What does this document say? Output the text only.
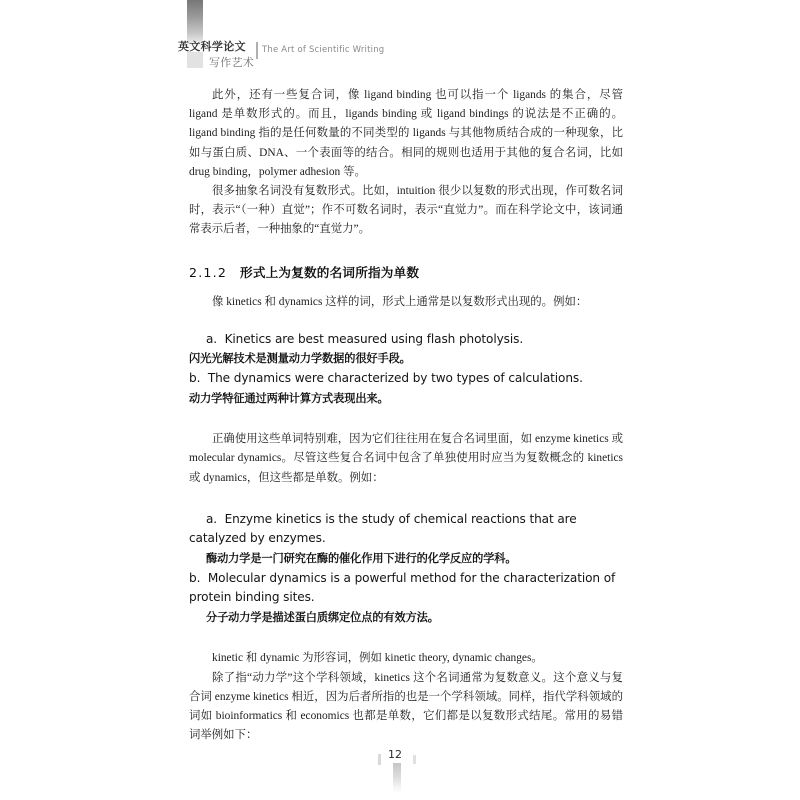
英文科学论文
写作艺术
The Art of Scientific Writing

此外，还有一些复合词，像 ligand binding 也可以指一个 ligands 的集合，尽管 ligand 是单数形式的。而且，ligands binding 或 ligand bindings 的说法是不正确的。ligand binding 指的是任何数量的不同类型的 ligands 与其他物质结合成的一种现象，比如与蛋白质、DNA、一个表面等的结合。相同的规则也适用于其他的复合名词，比如 drug binding，polymer adhesion 等。

很多抽象名词没有复数形式。比如，intuition 很少以复数的形式出现，作可数名词时，表示“（一种）直觉”；作不可数名词时，表示“直觉力”。而在科学论文中，该词通常表示后者，一种抽象的“直觉力”。

2.1.2 形式上为复数的名词所指为单数

像 kinetics 和 dynamics 这样的词，形式上通常是以复数形式出现的。例如：

a. Kinetics are best measured using flash photolysis.
闪光光解技术是测量动力学数据的很好手段。
b. The dynamics were characterized by two types of calculations.
动力学特征通过两种计算方式表现出来。

正确使用这些单词特别难，因为它们往往用在复合名词里面，如 enzyme kinetics 或 molecular dynamics。尽管这些复合名词中包含了单独使用时应当为复数概念的 kinetics 或 dynamics，但这些都是单数。例如：

a. Enzyme kinetics is the study of chemical reactions that are catalyzed by enzymes.
酶动力学是一门研究在酶的催化作用下进行的化学反应的学科。
b. Molecular dynamics is a powerful method for the characterization of protein binding sites.
分子动力学是描述蛋白质绑定位点的有效方法。

kinetic 和 dynamic 为形容词，例如 kinetic theory, dynamic changes。

除了指“动力学”这个学科领域，kinetics 这个名词通常为复数意义。这个意义与复合词 enzyme kinetics 相近，因为后者所指的也是一个学科领域。同样，指代学科领域的词如 bioinformatics 和 economics 也都是单数，它们都是以复数形式结尾。常用的易错词举例如下：

12
